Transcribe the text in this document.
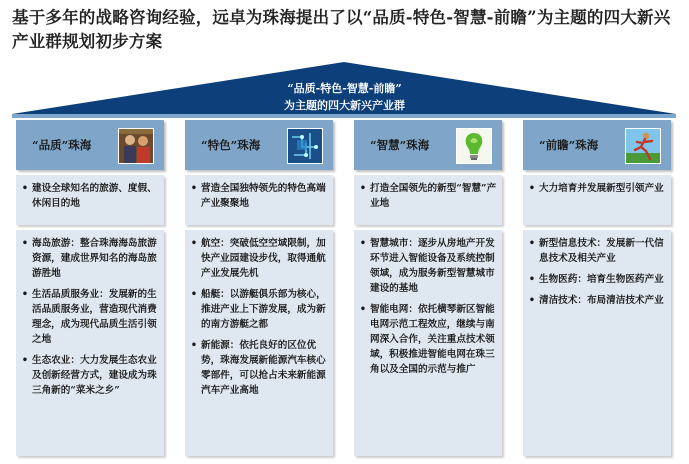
基于多年的战略咨询经验，远卓为珠海提出了以“品质-特色-智慧-前瞻”为主题的四大新兴产业群规划初步方案
“品质-特色-智慧-前瞻”
为主题的四大新兴产业群
“品质”珠海
• 建设全球知名的旅游、度假、休闲目的地
• 海岛旅游：整合珠海海岛旅游资源，建成世界知名的海岛旅游胜地
• 生活品质服务业：发展新的生活品质服务业，营造现代消费理念，成为现代品质生活引领之地
• 生态农业：大力发展生态农业及创新经营方式，建设成为珠三角新的“菜米之乡”
“特色”珠海
• 营造全国独特领先的特色高端产业聚聚地
• 航空：突破低空空域限制，加快产业园建设步伐，取得通航产业发展先机
• 船艇：以游艇俱乐部为核心，推进产业上下游发展，成为新的南方游艇之都
• 新能源：依托良好的区位优势，珠海发展新能源汽车核心零部件，可以抢占未来新能源汽车产业高地
“智慧”珠海
• 打造全国领先的新型“智慧”产业地
• 智慧城市：逐步从房地产开发环节进入智能设备及系统控制领域，成为服务新型智慧城市建设的基地
• 智能电网：依托横琴新区智能电网示范工程效应，继续与南网深入合作，关注重点技术领域，积极推进智能电网在珠三角以及全国的示范与推广
“前瞻”珠海
• 大力培育并发展新型引领产业
• 新型信息技术：发展新一代信息技术及相关产业
• 生物医药：培育生物医药产业
• 清洁技术：布局清洁技术产业
